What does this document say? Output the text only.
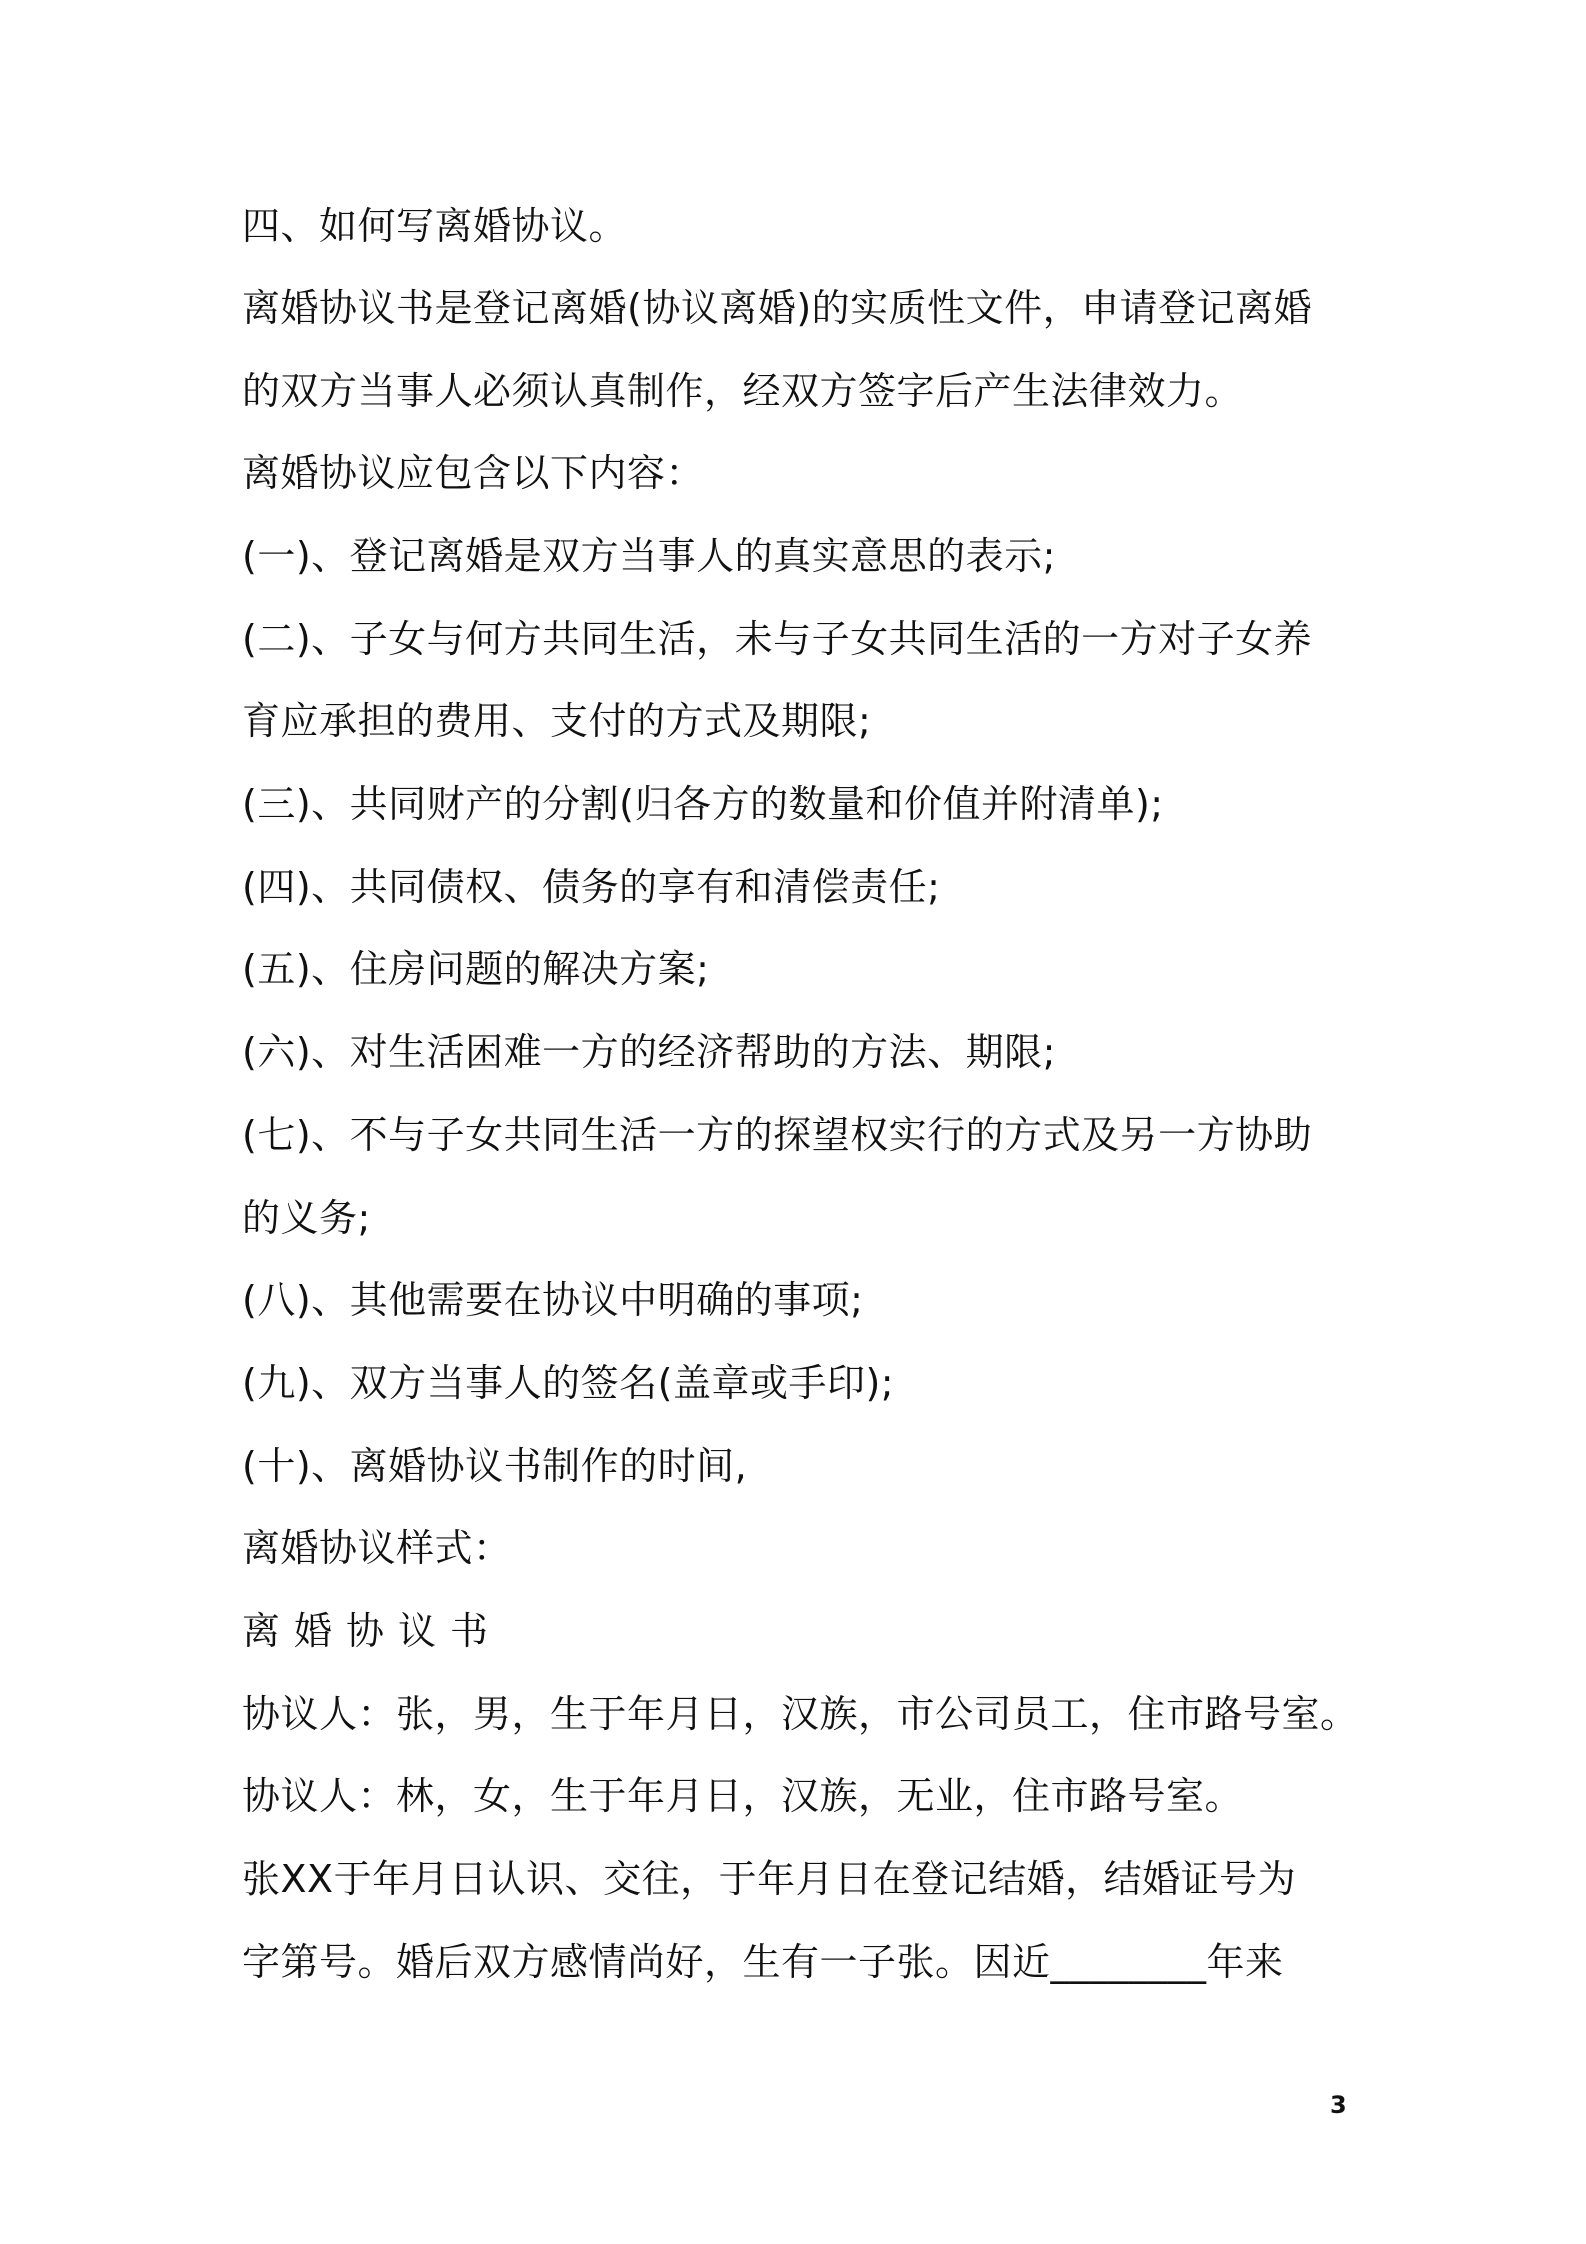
四、如何写离婚协议。

离婚协议书是登记离婚(协议离婚)的实质性文件，申请登记离婚

的双方当事人必须认真制作，经双方签字后产生法律效力。

离婚协议应包含以下内容：

(一)、登记离婚是双方当事人的真实意思的表示;

(二)、子女与何方共同生活，未与子女共同生活的一方对子女养

育应承担的费用、支付的方式及期限;

(三)、共同财产的分割(归各方的数量和价值并附清单);

(四)、共同债权、债务的享有和清偿责任;

(五)、住房问题的解决方案;

(六)、对生活困难一方的经济帮助的方法、期限;

(七)、不与子女共同生活一方的探望权实行的方式及另一方协助

的义务;

(八)、其他需要在协议中明确的事项;

(九)、双方当事人的签名(盖章或手印);

(十)、离婚协议书制作的时间,

离婚协议样式：

离婚协议书

协议人：张，男，生于年月日，汉族，市公司员工，住市路号室。

协议人：林，女，生于年月日，汉族，无业，住市路号室。

张XX于年月日认识、交往，于年月日在登记结婚，结婚证号为

字第号。婚后双方感情尚好，生有一子张。因近________年来

3
